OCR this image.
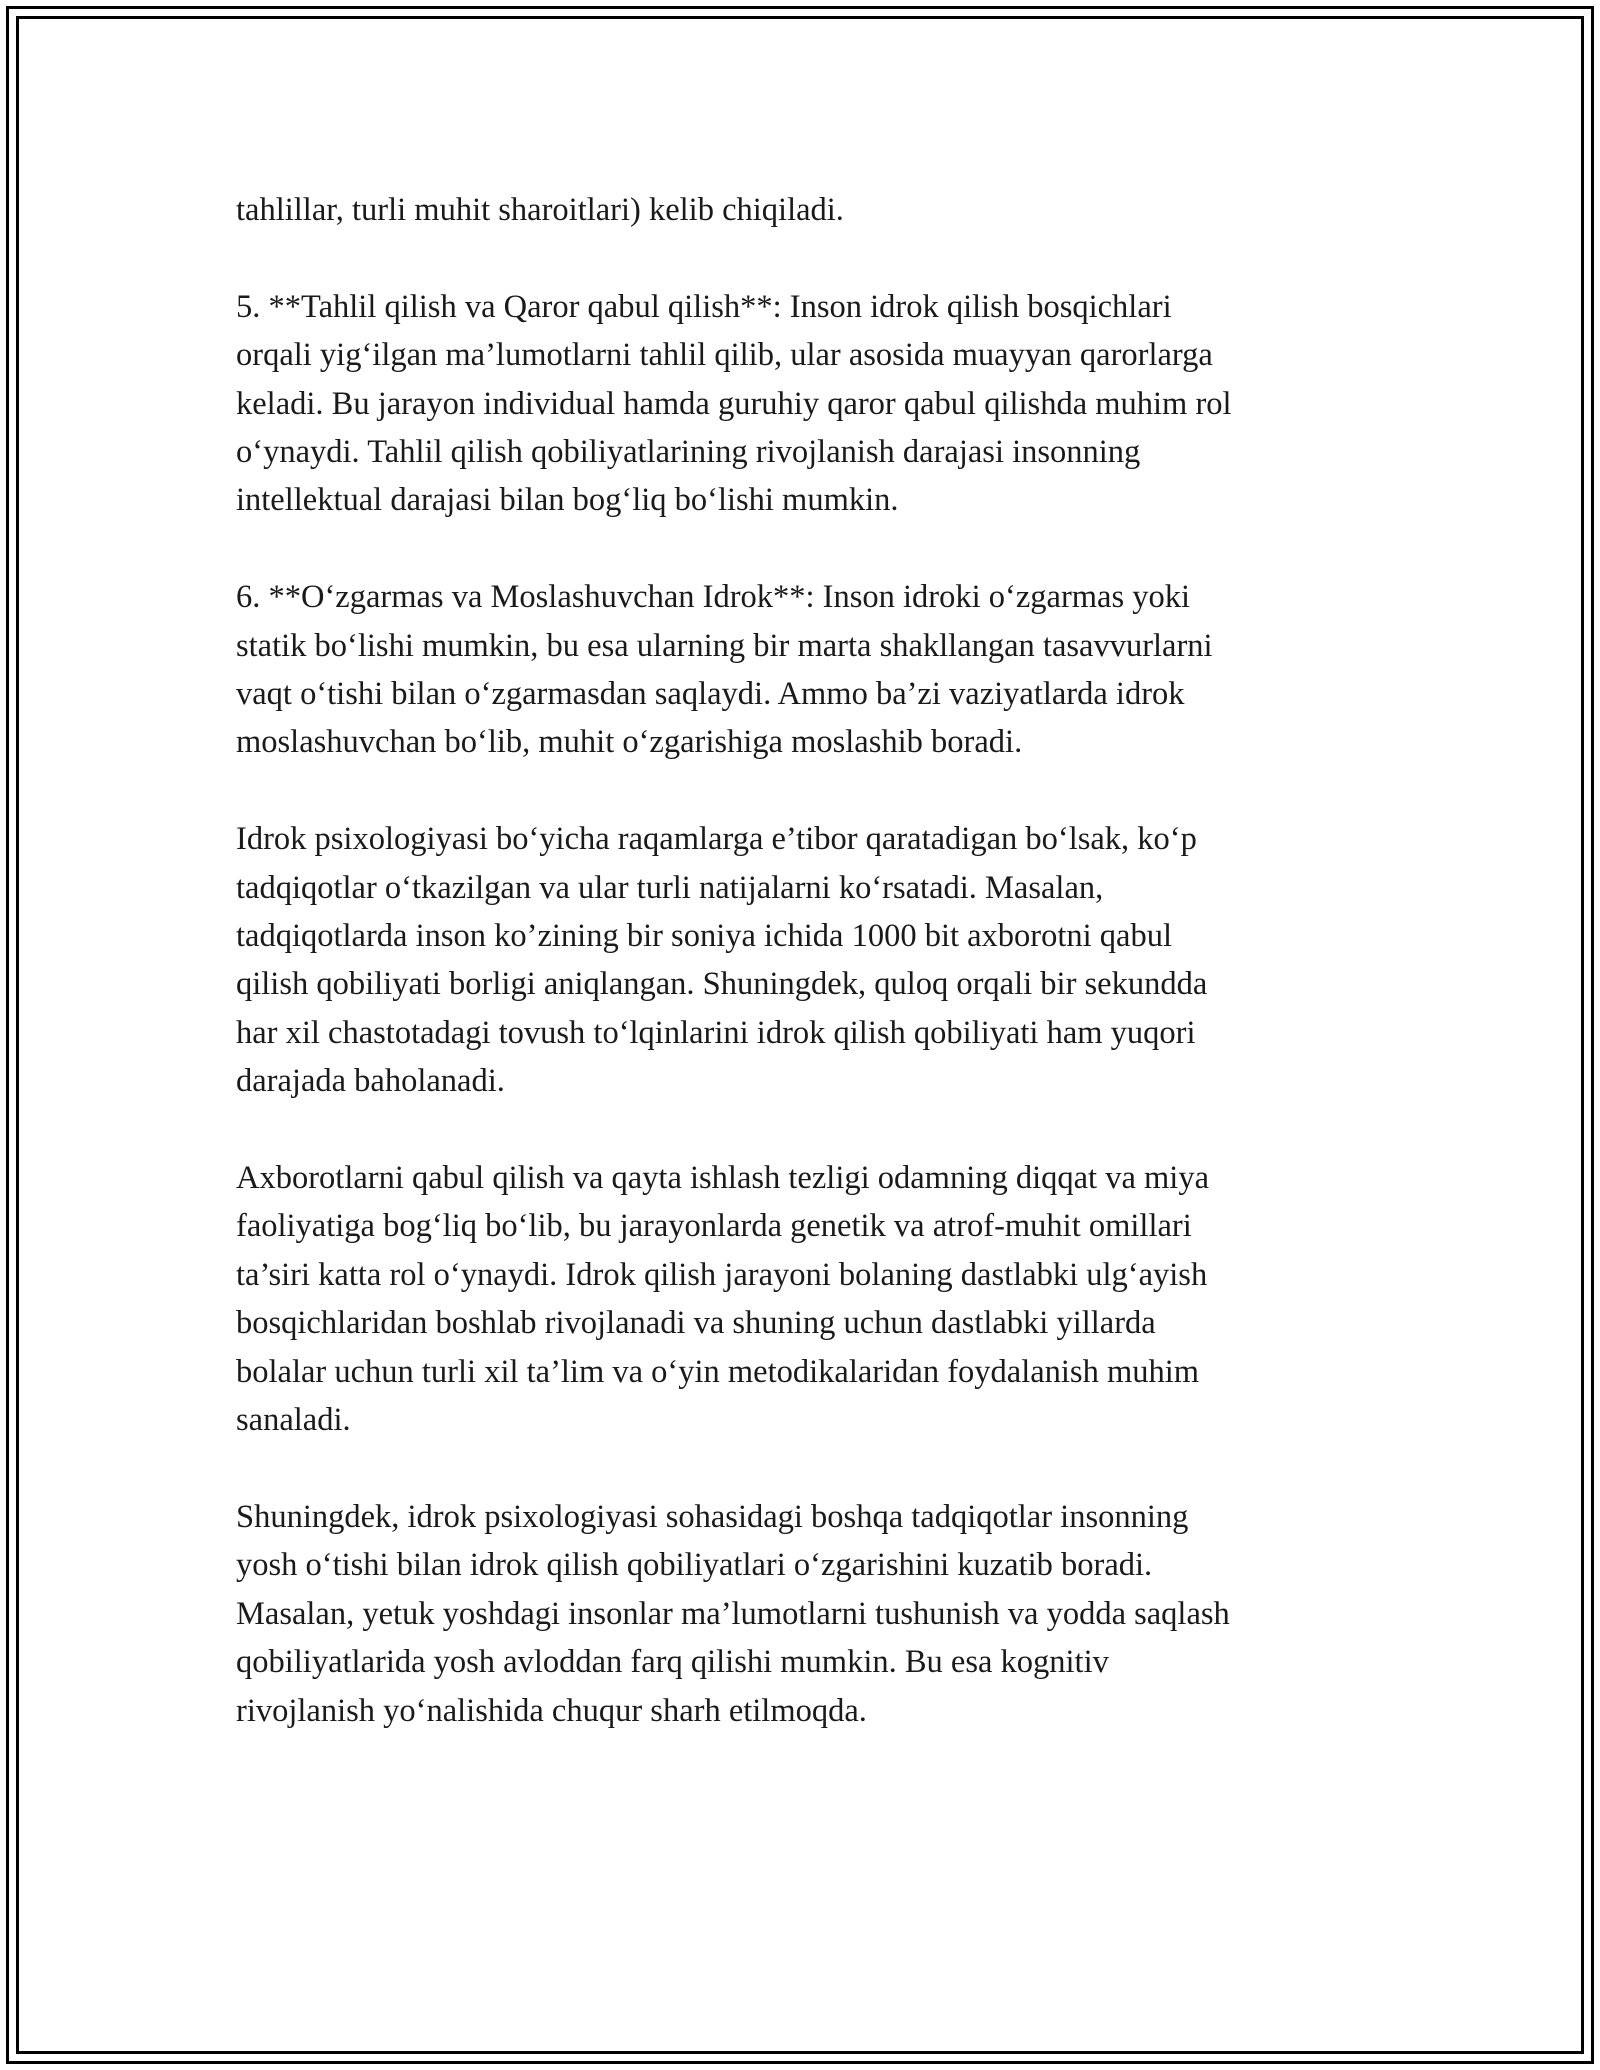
tahlillar, turli muhit sharoitlari) kelib chiqiladi.

5. **Tahlil qilish va Qaror qabul qilish**: Inson idrok qilish bosqichlari
orqali yig‘ilgan ma’lumotlarni tahlil qilib, ular asosida muayyan qarorlarga
keladi. Bu jarayon individual hamda guruhiy qaror qabul qilishda muhim rol
o‘ynaydi. Tahlil qilish qobiliyatlarining rivojlanish darajasi insonning
intellektual darajasi bilan bog‘liq bo‘lishi mumkin.

6. **O‘zgarmas va Moslashuvchan Idrok**: Inson idroki o‘zgarmas yoki
statik bo‘lishi mumkin, bu esa ularning bir marta shakllangan tasavvurlarni
vaqt o‘tishi bilan o‘zgarmasdan saqlaydi. Ammo ba’zi vaziyatlarda idrok
moslashuvchan bo‘lib, muhit o‘zgarishiga moslashib boradi.

Idrok psixologiyasi bo‘yicha raqamlarga e’tibor qaratadigan bo‘lsak, ko‘p
tadqiqotlar o‘tkazilgan va ular turli natijalarni ko‘rsatadi. Masalan,
tadqiqotlarda inson ko’zining bir soniya ichida 1000 bit axborotni qabul
qilish qobiliyati borligi aniqlangan. Shuningdek, quloq orqali bir sekundda
har xil chastotadagi tovush to‘lqinlarini idrok qilish qobiliyati ham yuqori
darajada baholanadi.

Axborotlarni qabul qilish va qayta ishlash tezligi odamning diqqat va miya
faoliyatiga bog‘liq bo‘lib, bu jarayonlarda genetik va atrof-muhit omillari
ta’siri katta rol o‘ynaydi. Idrok qilish jarayoni bolaning dastlabki ulg‘ayish
bosqichlaridan boshlab rivojlanadi va shuning uchun dastlabki yillarda
bolalar uchun turli xil ta’lim va o‘yin metodikalaridan foydalanish muhim
sanaladi.

Shuningdek, idrok psixologiyasi sohasidagi boshqa tadqiqotlar insonning
yosh o‘tishi bilan idrok qilish qobiliyatlari o‘zgarishini kuzatib boradi.
Masalan, yetuk yoshdagi insonlar ma’lumotlarni tushunish va yodda saqlash
qobiliyatlarida yosh avloddan farq qilishi mumkin. Bu esa kognitiv
rivojlanish yo‘nalishida chuqur sharh etilmoqda.
